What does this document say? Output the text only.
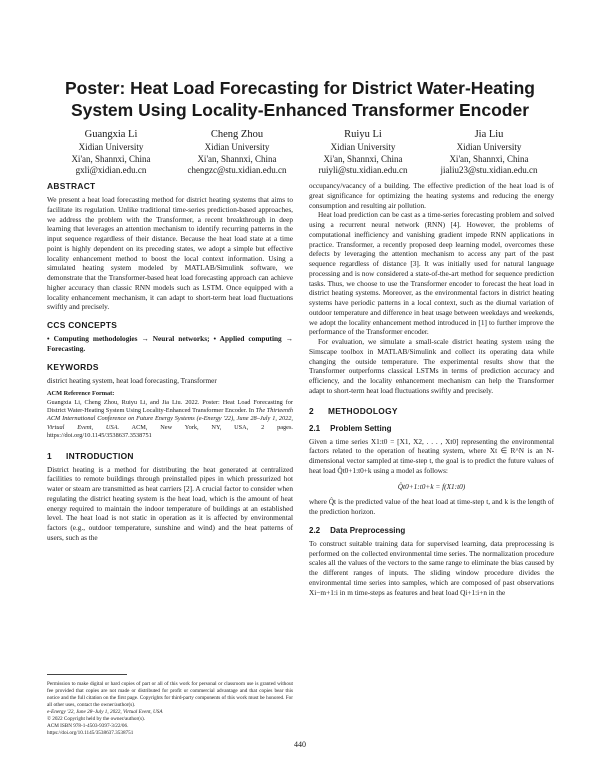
Poster: Heat Load Forecasting for District Water-Heating System Using Locality-Enhanced Transformer Encoder
Guangxia Li
Xidian University
Xi'an, Shannxi, China
gxli@xidian.edu.cn
Cheng Zhou
Xidian University
Xi'an, Shannxi, China
chengzc@stu.xidian.edu.cn
Ruiyu Li
Xidian University
Xi'an, Shannxi, China
ruiyli@stu.xidian.edu.cn
Jia Liu
Xidian University
Xi'an, Shannxi, China
jialiu23@stu.xidian.edu.cn
ABSTRACT

We present a heat load forecasting method for district heating systems that aims to facilitate its regulation. Unlike traditional time-series prediction-based approaches, we address the problem with the Transformer, a recent breakthrough in deep learning that leverages an attention mechanism to identify recurring patterns in the input sequence regardless of their distance. Because the heat load state at a time point is highly dependent on its preceding states, we adopt a simple but effective locality enhancement method to boost the local context information. Using a simulated heating system modeled by MATLAB/Simulink software, we demonstrate that the Transformer-based heat load forecasting approach can achieve higher accuracy than classic RNN models such as LSTM. Once equipped with a locality enhancement mechanism, it can adapt to short-term heat load fluctuations swiftly and precisely.

CCS CONCEPTS

• Computing methodologies → Neural networks; • Applied computing → Forecasting.

KEYWORDS

district heating system, heat load forecasting, Transformer

ACM Reference Format:
Guangxia Li, Cheng Zhou, Ruiyu Li, and Jia Liu. 2022. Poster: Heat Load Forecasting for District Water-Heating System Using Locality-Enhanced Transformer Encoder. In The Thirteenth ACM International Conference on Future Energy Systems (e-Energy '22), June 28–July 1, 2022, Virtual Event, USA. ACM, New York, NY, USA, 2 pages. https://doi.org/10.1145/3538637.3538751
1 INTRODUCTION

District heating is a method for distributing the heat generated at centralized facilities to remote buildings through preinstalled pipes in which pressurized hot water or steam are transmitted as heat carriers [2]. A crucial factor to consider when regulating the district heating system is the heat load, which is the amount of heat energy required to maintain the indoor temperature of buildings at an established level. The heat load is not static in operation as it is affected by environmental factors (e.g., outdoor temperature, sunshine and wind) and the heat patterns of users, such as the

Permission to make digital or hard copies of part or all of this work for personal or classroom use is granted without fee provided that copies are not made or distributed for profit or commercial advantage and that copies bear this notice and the full citation on the first page. Copyrights for third-party components of this work must be honored. For all other uses, contact the owner/author(s).
e-Energy '22, June 28–July 1, 2022, Virtual Event, USA
© 2022 Copyright held by the owner/author(s).
ACM ISBN 978-1-4503-9397-3/22/06.
https://doi.org/10.1145/3538637.3538751

occupancy/vacancy of a building. The effective prediction of the heat load is of great significance for optimizing the heating systems and reducing the energy consumption and resulting air pollution.

Heat load prediction can be cast as a time-series forecasting problem and solved using a recurrent neural network (RNN) [4]. However, the problems of computational inefficiency and vanishing gradient impede RNN applications in practice. Transformer, a recently proposed deep learning model, overcomes these defects by leveraging the attention mechanism to access any part of the past sequence regardless of distance [3]. It was initially used for natural language processing and is now considered a state-of-the-art method for sequence prediction tasks. Thus, we choose to use the Transformer encoder to forecast the heat load in district heating systems. Moreover, as the environmental factors in district heating systems have periodic patterns in a local context, such as the diurnal variation of outdoor temperature and difference in heat usage between weekdays and weekends, we adopt the locality enhancement method introduced in [1] to further improve the performance of the Transformer encoder.

For evaluation, we simulate a small-scale district heating system using the Simscape toolbox in MATLAB/Simulink and collect its operating data while changing the outside temperature. The experimental results show that the Transformer outperforms classical LSTMs in terms of prediction accuracy and efficiency, and the locality enhancement mechanism can help the Transformer adapt to short-term heat load fluctuations swiftly and precisely.

2 METHODOLOGY
2.1 Problem Setting

Given a time series X1:t0 = [X1, X2, . . . , Xt0] representing the environmental factors related to the operation of heating system, where Xt ∈ R^N is an N-dimensional vector sampled at time-step t, the goal is to predict the future values of heat load Q̂t0+1:t0+k using a model as follows:

Q̂t0+1:t0+k = f(X1:t0)

where Q̂t is the predicted value of the heat load at time-step t, and k is the length of the prediction horizon.

2.2 Data Preprocessing

To construct suitable training data for supervised learning, data preprocessing is performed on the collected environmental time series. The normalization procedure scales all the values of the vectors to the same range to eliminate the bias caused by the different ranges of inputs. The sliding window procedure divides the environmental time series into samples, which are composed of past observations Xi−m+1:i in m time-steps as features and heat load Qi+1:i+n in the

440
